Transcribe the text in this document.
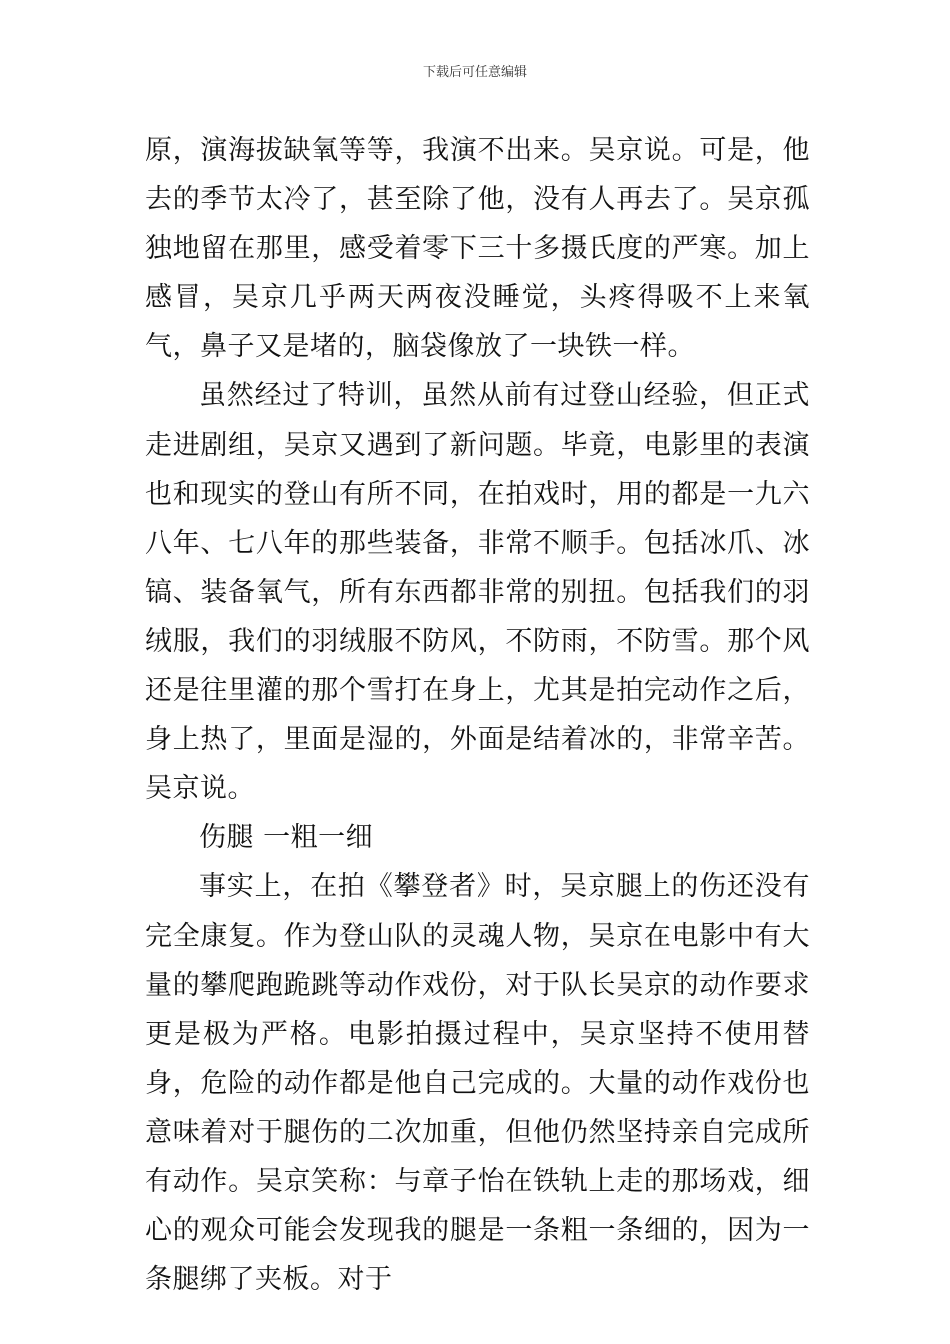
下载后可任意编辑

原，演海拔缺氧等等，我演不出来。吴京说。可是，他去的季节太冷了，甚至除了他，没有人再去了。吴京孤独地留在那里，感受着零下三十多摄氏度的严寒。加上感冒，吴京几乎两天两夜没睡觉，头疼得吸不上来氧气，鼻子又是堵的，脑袋像放了一块铁一样。

虽然经过了特训，虽然从前有过登山经验，但正式走进剧组，吴京又遇到了新问题。毕竟，电影里的表演也和现实的登山有所不同，在拍戏时，用的都是一九六八年、七八年的那些装备，非常不顺手。包括冰爪、冰镐、装备氧气，所有东西都非常的别扭。包括我们的羽绒服，我们的羽绒服不防风，不防雨，不防雪。那个风还是往里灌的那个雪打在身上，尤其是拍完动作之后，身上热了，里面是湿的，外面是结着冰的，非常辛苦。吴京说。

伤腿 一粗一细

事实上，在拍《攀登者》时，吴京腿上的伤还没有完全康复。作为登山队的灵魂人物，吴京在电影中有大量的攀爬跑跪跳等动作戏份，对于队长吴京的动作要求更是极为严格。电影拍摄过程中，吴京坚持不使用替身，危险的动作都是他自己完成的。大量的动作戏份也意味着对于腿伤的二次加重，但他仍然坚持亲自完成所有动作。吴京笑称：与章子怡在铁轨上走的那场戏，细心的观众可能会发现我的腿是一条粗一条细的，因为一条腿绑了夹板。对于
